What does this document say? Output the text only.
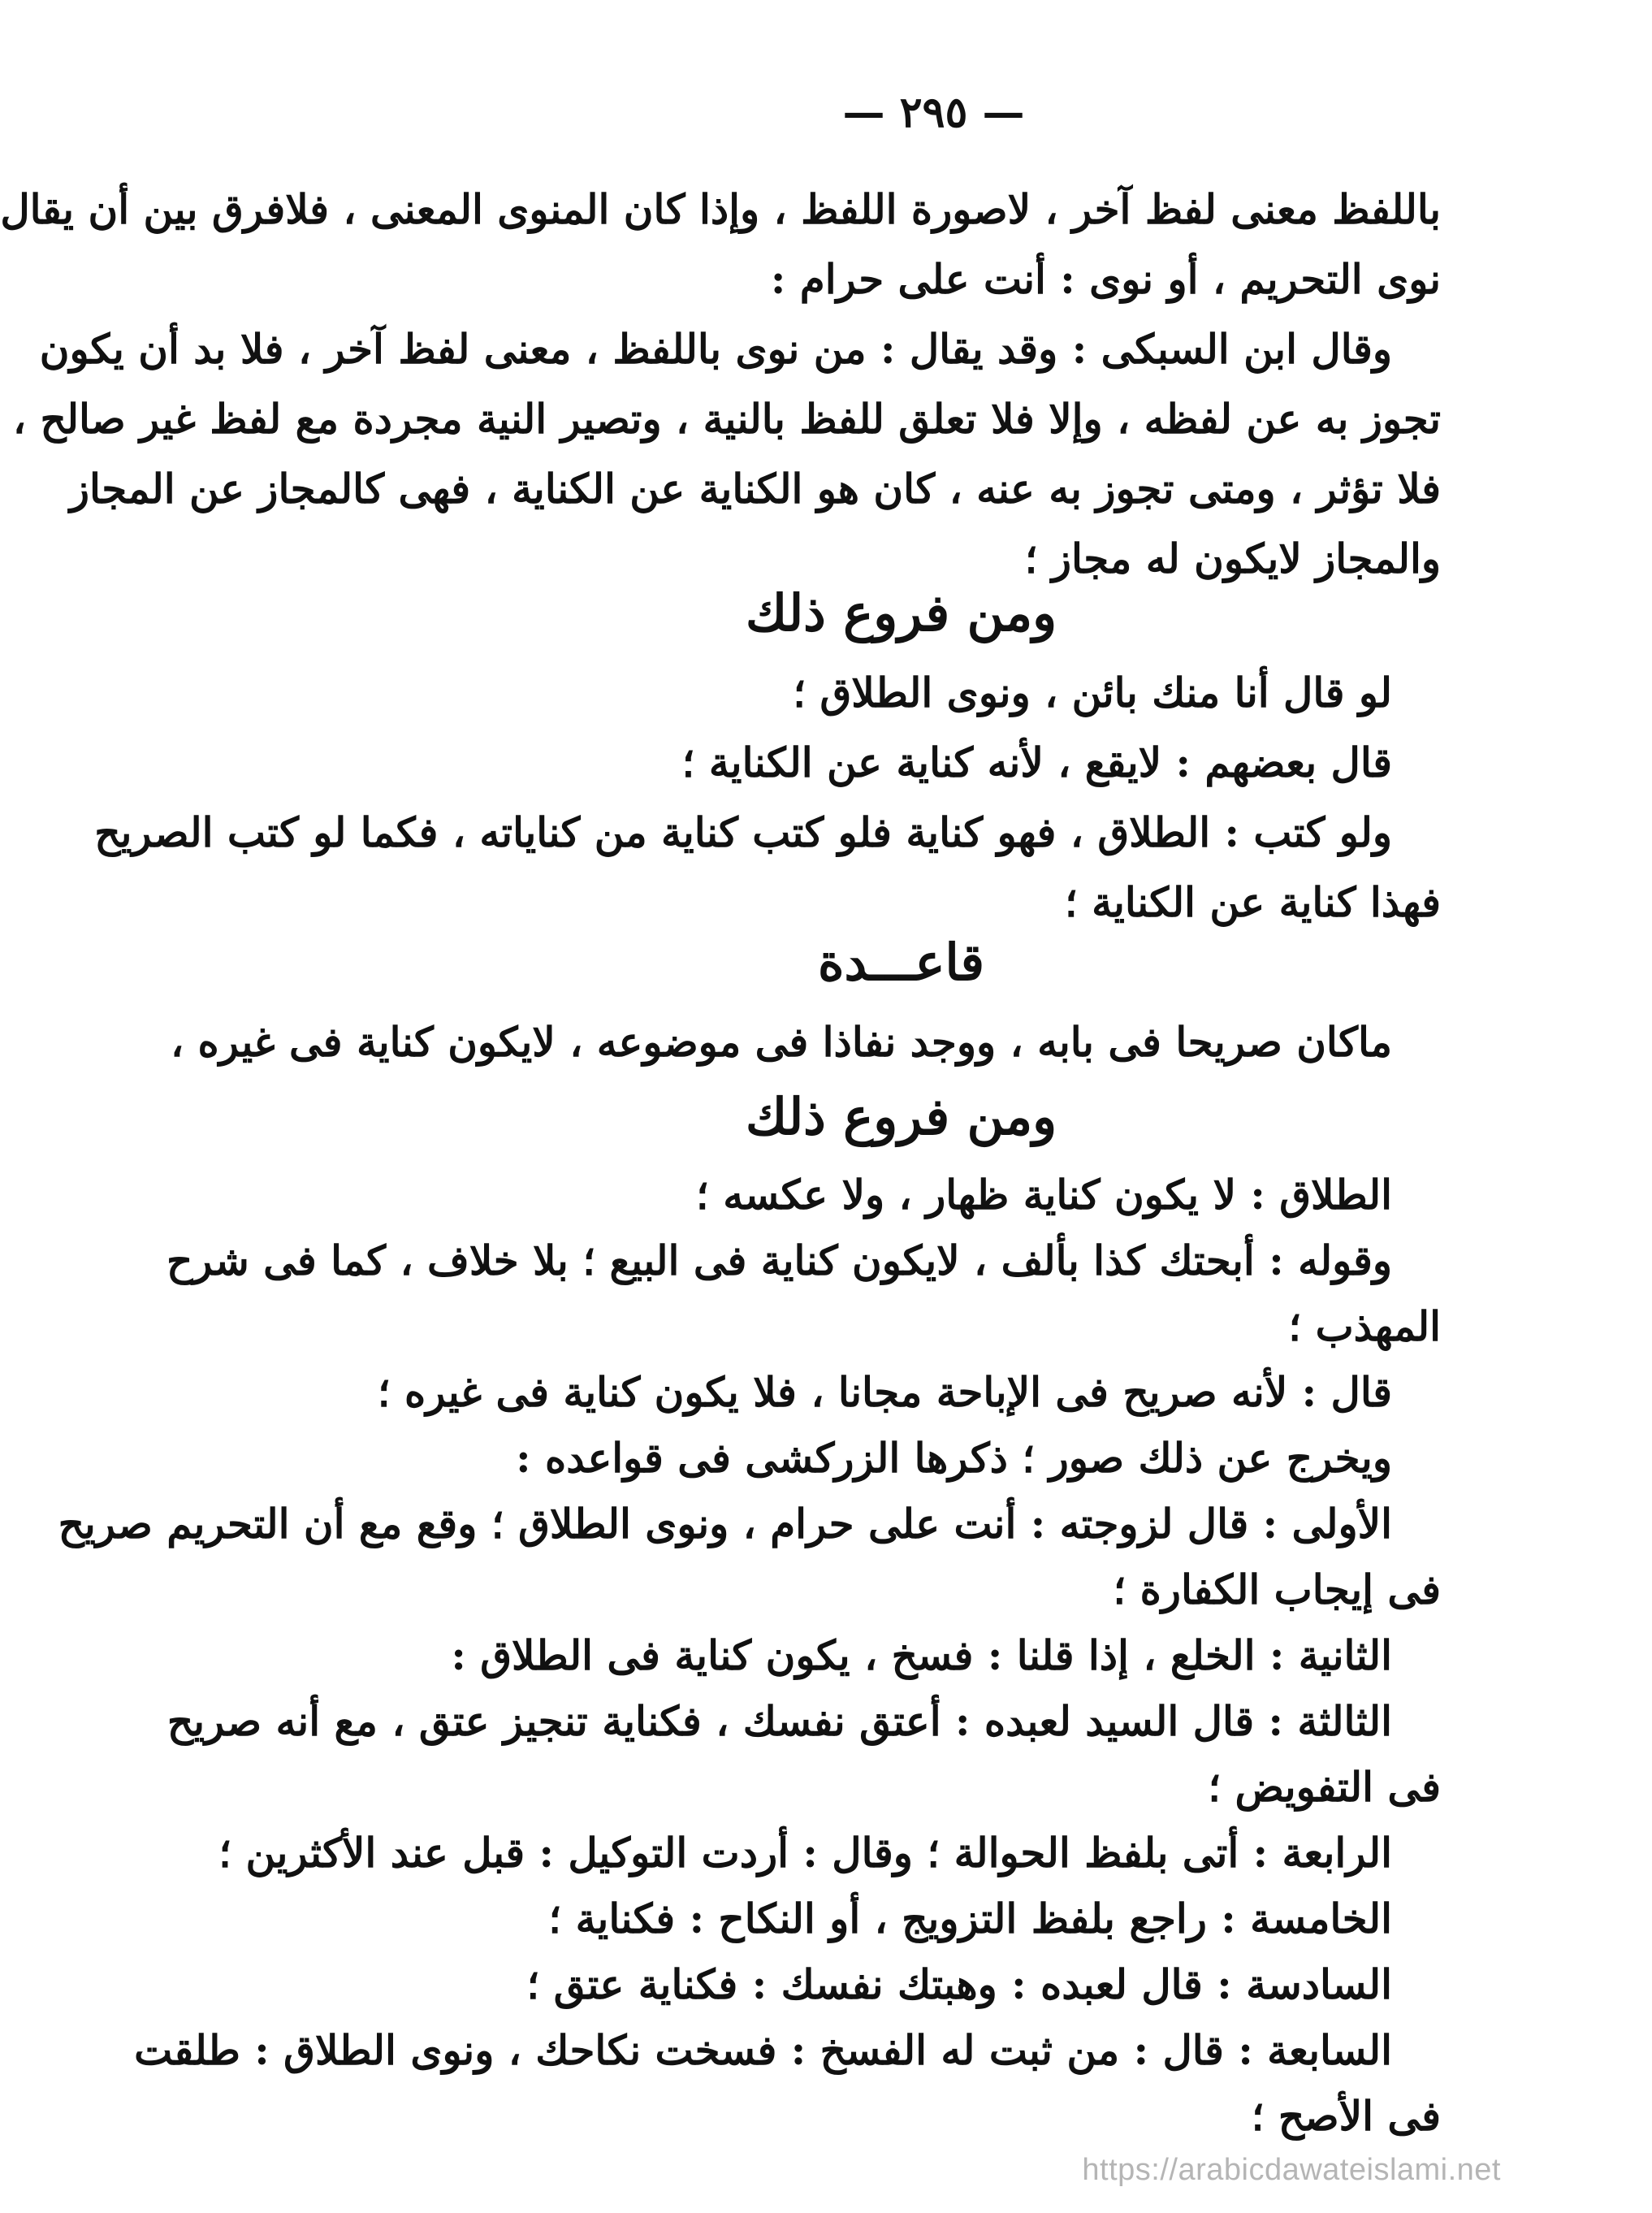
— ٢٩٥ —
باللفظ معنى لفظ آخر ، لاصورة اللفظ ، وإذا كان المنوى المعنى ، فلافرق بين أن يقال
نوى التحريم ، أو نوى : أنت على حرام :
وقال ابن السبكى : وقد يقال : من نوى باللفظ ، معنى لفظ آخر ، فلا بد أن يكون
تجوز به عن لفظه ، وإلا فلا تعلق للفظ بالنية ، وتصير النية مجردة مع لفظ غير صالح ،
فلا تؤثر ، ومتى تجوز به عنه ، كان هو الكناية عن الكناية ، فهى كالمجاز عن المجاز
والمجاز لايكون له مجاز ؛
ومن فروع ذلك
لو قال أنا منك بائن ، ونوى الطلاق ؛
قال بعضهم : لايقع ، لأنه كناية عن الكناية ؛
ولو كتب : الطلاق ، فهو كناية فلو كتب كناية من كناياته ، فكما لو كتب الصريح
فهذا كناية عن الكناية ؛
قاعـــدة
ماكان صريحا فى بابه ، ووجد نفاذا فى موضوعه ، لايكون كناية فى غيره ،
ومن فروع ذلك
الطلاق : لا يكون كناية ظهار ، ولا عكسه ؛
وقوله : أبحتك كذا بألف ، لايكون كناية فى البيع ؛ بلا خلاف ، كما فى شرح
المهذب ؛
قال : لأنه صريح فى الإباحة مجانا ، فلا يكون كناية فى غيره ؛
ويخرج عن ذلك صور ؛ ذكرها الزركشى فى قواعده :
الأولى : قال لزوجته : أنت على حرام ، ونوى الطلاق ؛ وقع مع أن التحريم صريح
فى إيجاب الكفارة ؛
الثانية : الخلع ، إذا قلنا : فسخ ، يكون كناية فى الطلاق :
الثالثة : قال السيد لعبده : أعتق نفسك ، فكناية تنجيز عتق ، مع أنه صريح
فى التفويض ؛
الرابعة : أتى بلفظ الحوالة ؛ وقال : أردت التوكيل : قبل عند الأكثرين ؛
الخامسة : راجع بلفظ التزويج ، أو النكاح : فكناية ؛
السادسة : قال لعبده : وهبتك نفسك : فكناية عتق ؛
السابعة : قال : من ثبت له الفسخ : فسخت نكاحك ، ونوى الطلاق : طلقت
فى الأصح ؛
https://arabicdawateislami.net
